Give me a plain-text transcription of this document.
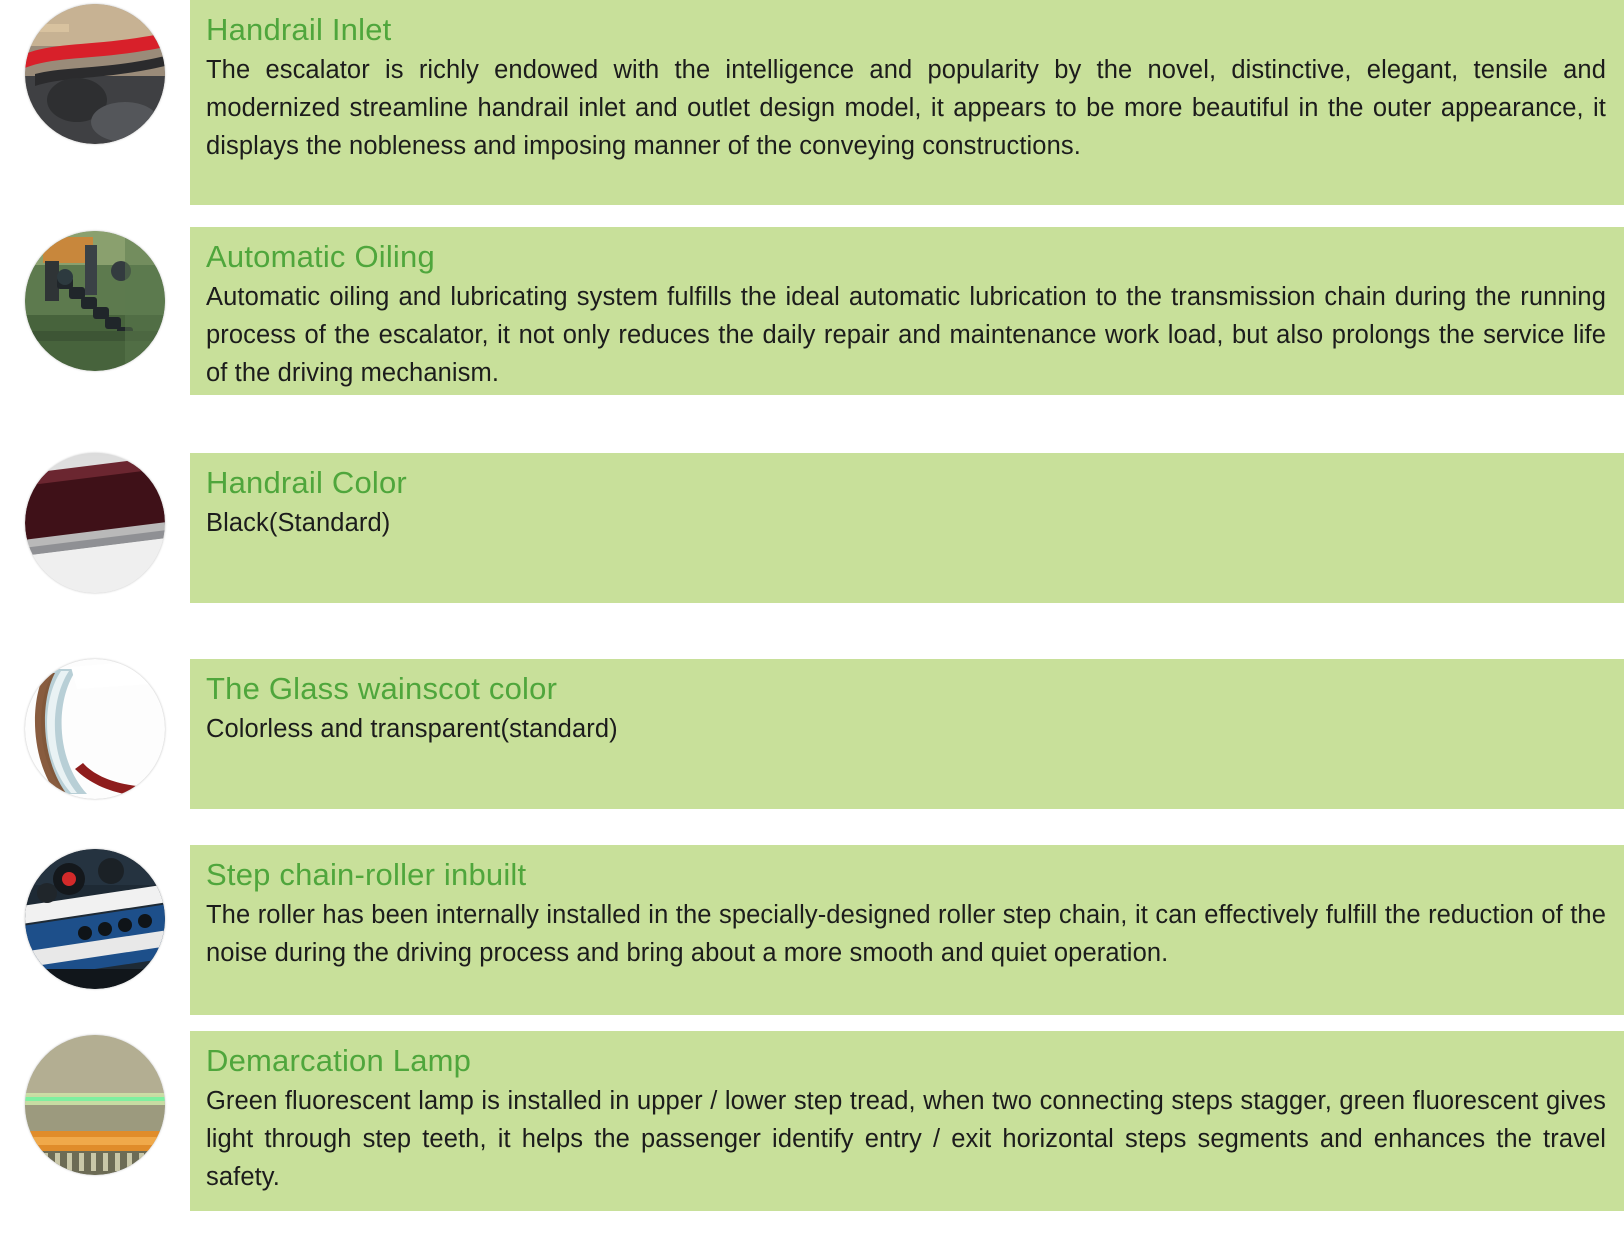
Handrail Inlet

The escalator is richly endowed with the intelligence and popularity by the novel, distinctive, elegant, tensile and modernized streamline handrail inlet and outlet design model, it appears to be more beautiful in the outer appearance, it displays the nobleness and imposing manner of the conveying constructions.

Automatic Oiling

Automatic oiling and lubricating system fulfills the ideal automatic lubrication to the transmission chain during the running process of the escalator, it not only reduces the daily repair and maintenance work load, but also prolongs the service life of the driving mechanism.

Handrail Color

Black(Standard)

The Glass wainscot color

Colorless and transparent(standard)

Step chain-roller inbuilt

The roller has been internally installed in the specially-designed roller step chain, it can effectively fulfill the reduction of the noise during the driving process and bring about a more smooth and quiet operation.

Demarcation Lamp

Green fluorescent lamp is installed in upper / lower step tread, when two connecting steps stagger, green fluorescent gives light through step teeth, it helps the passenger identify entry / exit horizontal steps segments and enhances the travel safety.
